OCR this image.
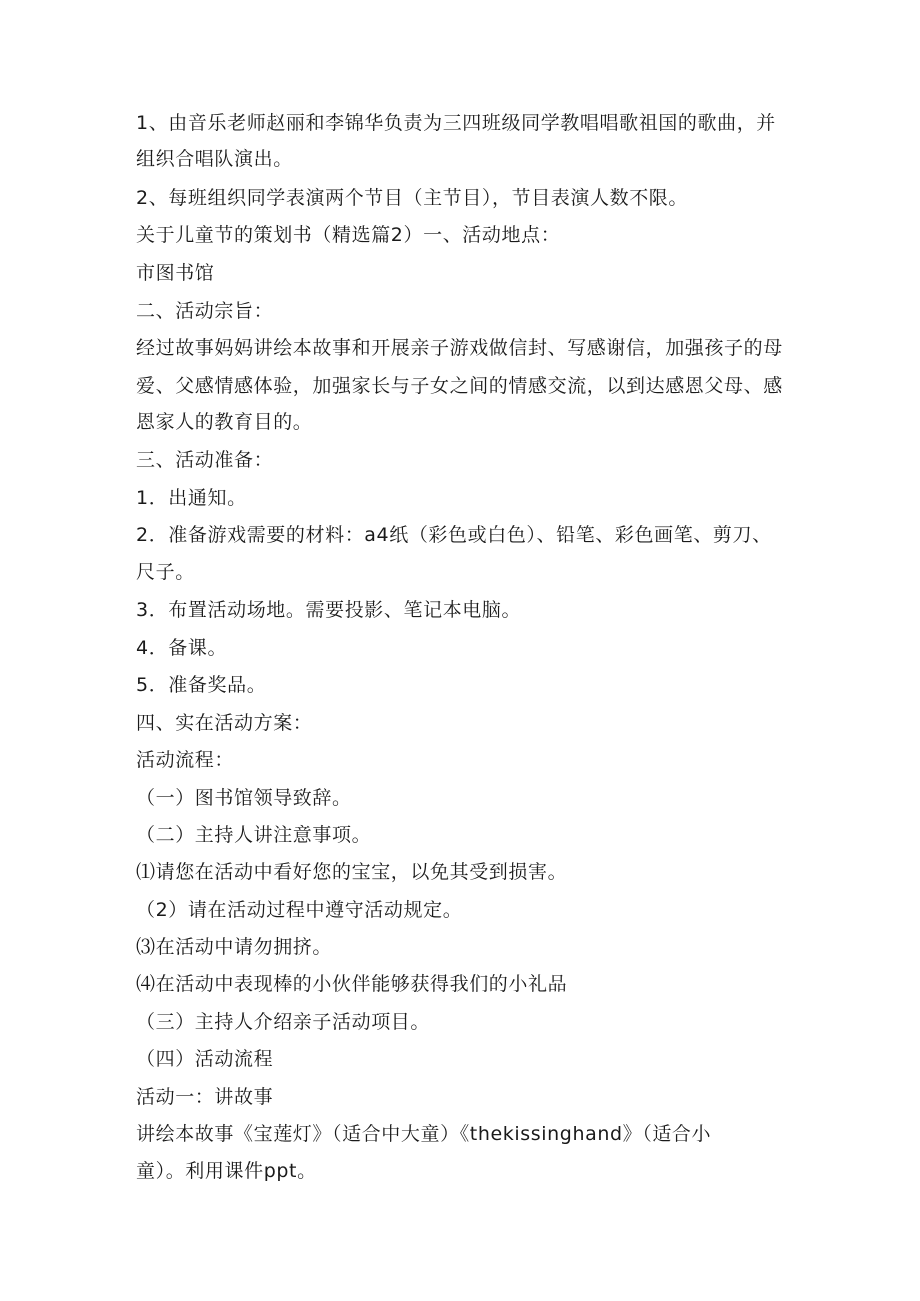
1、由音乐老师赵丽和李锦华负责为三四班级同学教唱唱歌祖国的歌曲，并
组织合唱队演出。
2、每班组织同学表演两个节目（主节目），节目表演人数不限。
关于儿童节的策划书（精选篇2）一、活动地点：
市图书馆
二、活动宗旨：
经过故事妈妈讲绘本故事和开展亲子游戏做信封、写感谢信，加强孩子的母
爱、父感情感体验，加强家长与子女之间的情感交流，以到达感恩父母、感
恩家人的教育目的。
三、活动准备：
1．出通知。
2．准备游戏需要的材料：a4纸（彩色或白色）、铅笔、彩色画笔、剪刀、
尺子。
3．布置活动场地。需要投影、笔记本电脑。
4．备课。
5．准备奖品。
四、实在活动方案：
活动流程：
（一）图书馆领导致辞。
（二）主持人讲注意事项。
⑴请您在活动中看好您的宝宝，以免其受到损害。
（2）请在活动过程中遵守活动规定。
⑶在活动中请勿拥挤。
⑷在活动中表现棒的小伙伴能够获得我们的小礼品
（三）主持人介绍亲子活动项目。
（四）活动流程
活动一：讲故事
讲绘本故事《宝莲灯》（适合中大童）《thekissinghand》（适合小
童）。利用课件ppt。
